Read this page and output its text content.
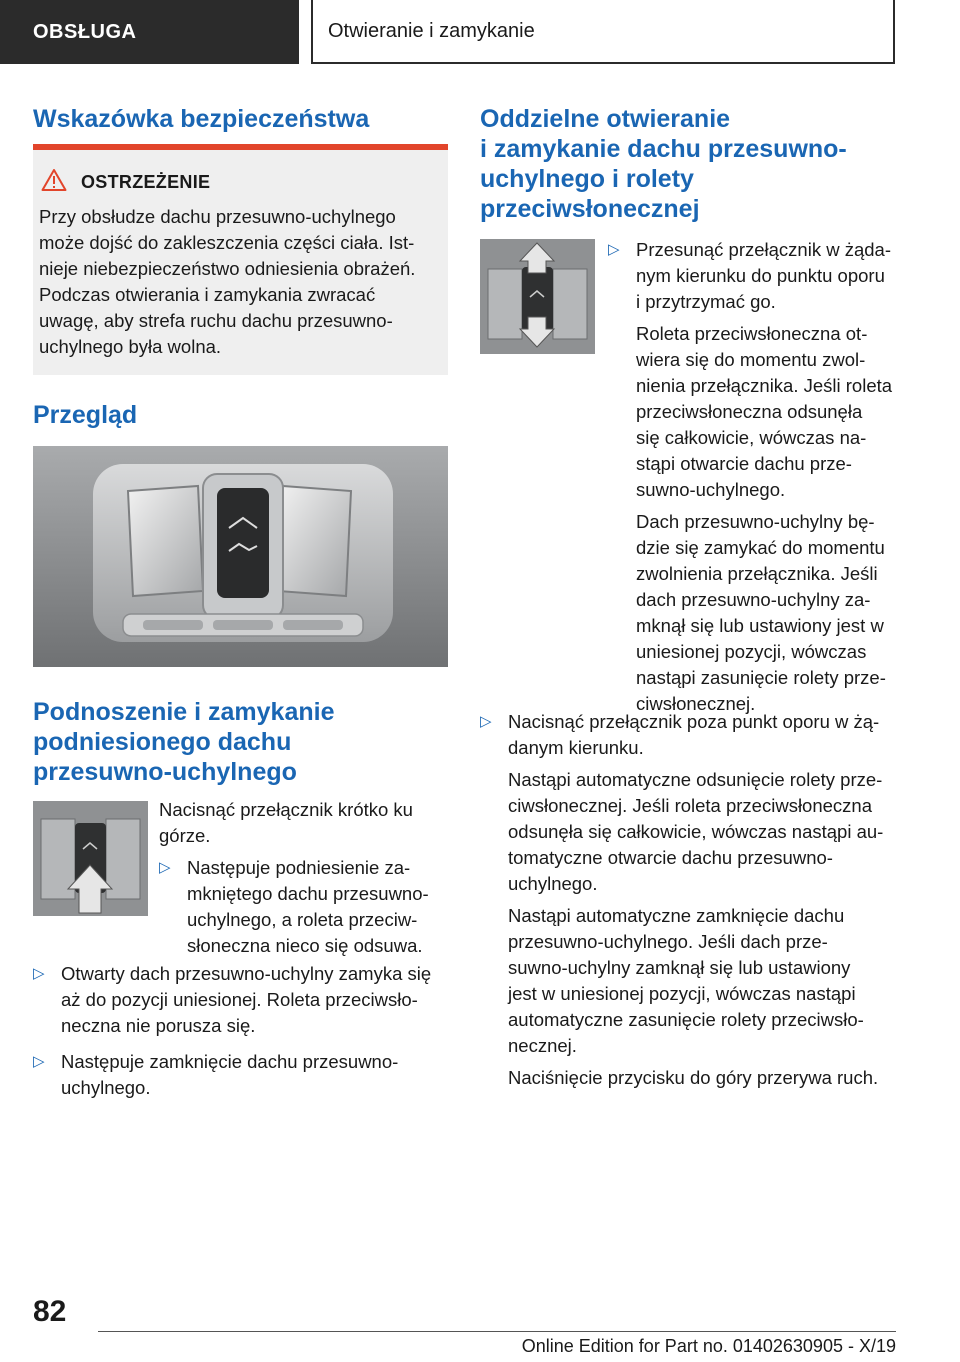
OBSŁUGA	Otwieranie i zamykanie
Wskazówka bezpieczeństwa
OSTRZEŻENIE

Przy obsłudze dachu przesuwno-uchylnego

może dojść do zakleszczenia części ciała. Ist-

nieje niebezpieczeństwo odniesienia obrażeń.

Podczas otwierania i zamykania zwracać

uwagę, aby strefa ruchu dachu przesuwno-

uchylnego była wolna.

Przegląd
Podnoszenie i zamykanie
podniesionego dachu
przesuwno-uchylnego

Nacisnąć przełącznik krótko ku

górze.

▷ Następuje podniesienie za-

mkniętego dachu przesuwno-

uchylnego, a roleta przeciw-

słoneczna nieco się odsuwa.

▷ Otwarty dach przesuwno-uchylny zamyka się

aż do pozycji uniesionej. Roleta przeciwsło-

neczna nie porusza się.

▷ Następuje zamknięcie dachu przesuwno-

uchylnego.

Oddzielne otwieranie
i zamykanie dachu przesuwno-
uchylnego i rolety
przeciwsłonecznej
▷ Przesunąć przełącznik w żąda-

nym kierunku do punktu oporu

i przytrzymać go.

Roleta przeciwsłoneczna ot-

wiera się do momentu zwol-

nienia przełącznika. Jeśli roleta

przeciwsłoneczna odsunęła

się całkowicie, wówczas na-

stąpi otwarcie dachu prze-

suwno-uchylnego.

Dach przesuwno-uchylny bę-

dzie się zamykać do momentu

zwolnienia przełącznika. Jeśli

dach przesuwno-uchylny za-

mknął się lub ustawiony jest w

uniesionej pozycji, wówczas

nastąpi zasunięcie rolety prze-

ciwsłonecznej.

▷ Nacisnąć przełącznik poza punkt oporu w żą-

danym kierunku.

Nastąpi automatyczne odsunięcie rolety prze-

ciwsłonecznej. Jeśli roleta przeciwsłoneczna

odsunęła się całkowicie, wówczas nastąpi au-

tomatyczne otwarcie dachu przesuwno-

uchylnego.

Nastąpi automatyczne zamknięcie dachu

przesuwno-uchylnego. Jeśli dach prze-

suwno-uchylny zamknął się lub ustawiony

jest w uniesionej pozycji, wówczas nastąpi

automatyczne zasunięcie rolety przeciwsło-

necznej.

Naciśnięcie przycisku do góry przerywa ruch.

82
Online Edition for Part no. 01402630905 - X/19
